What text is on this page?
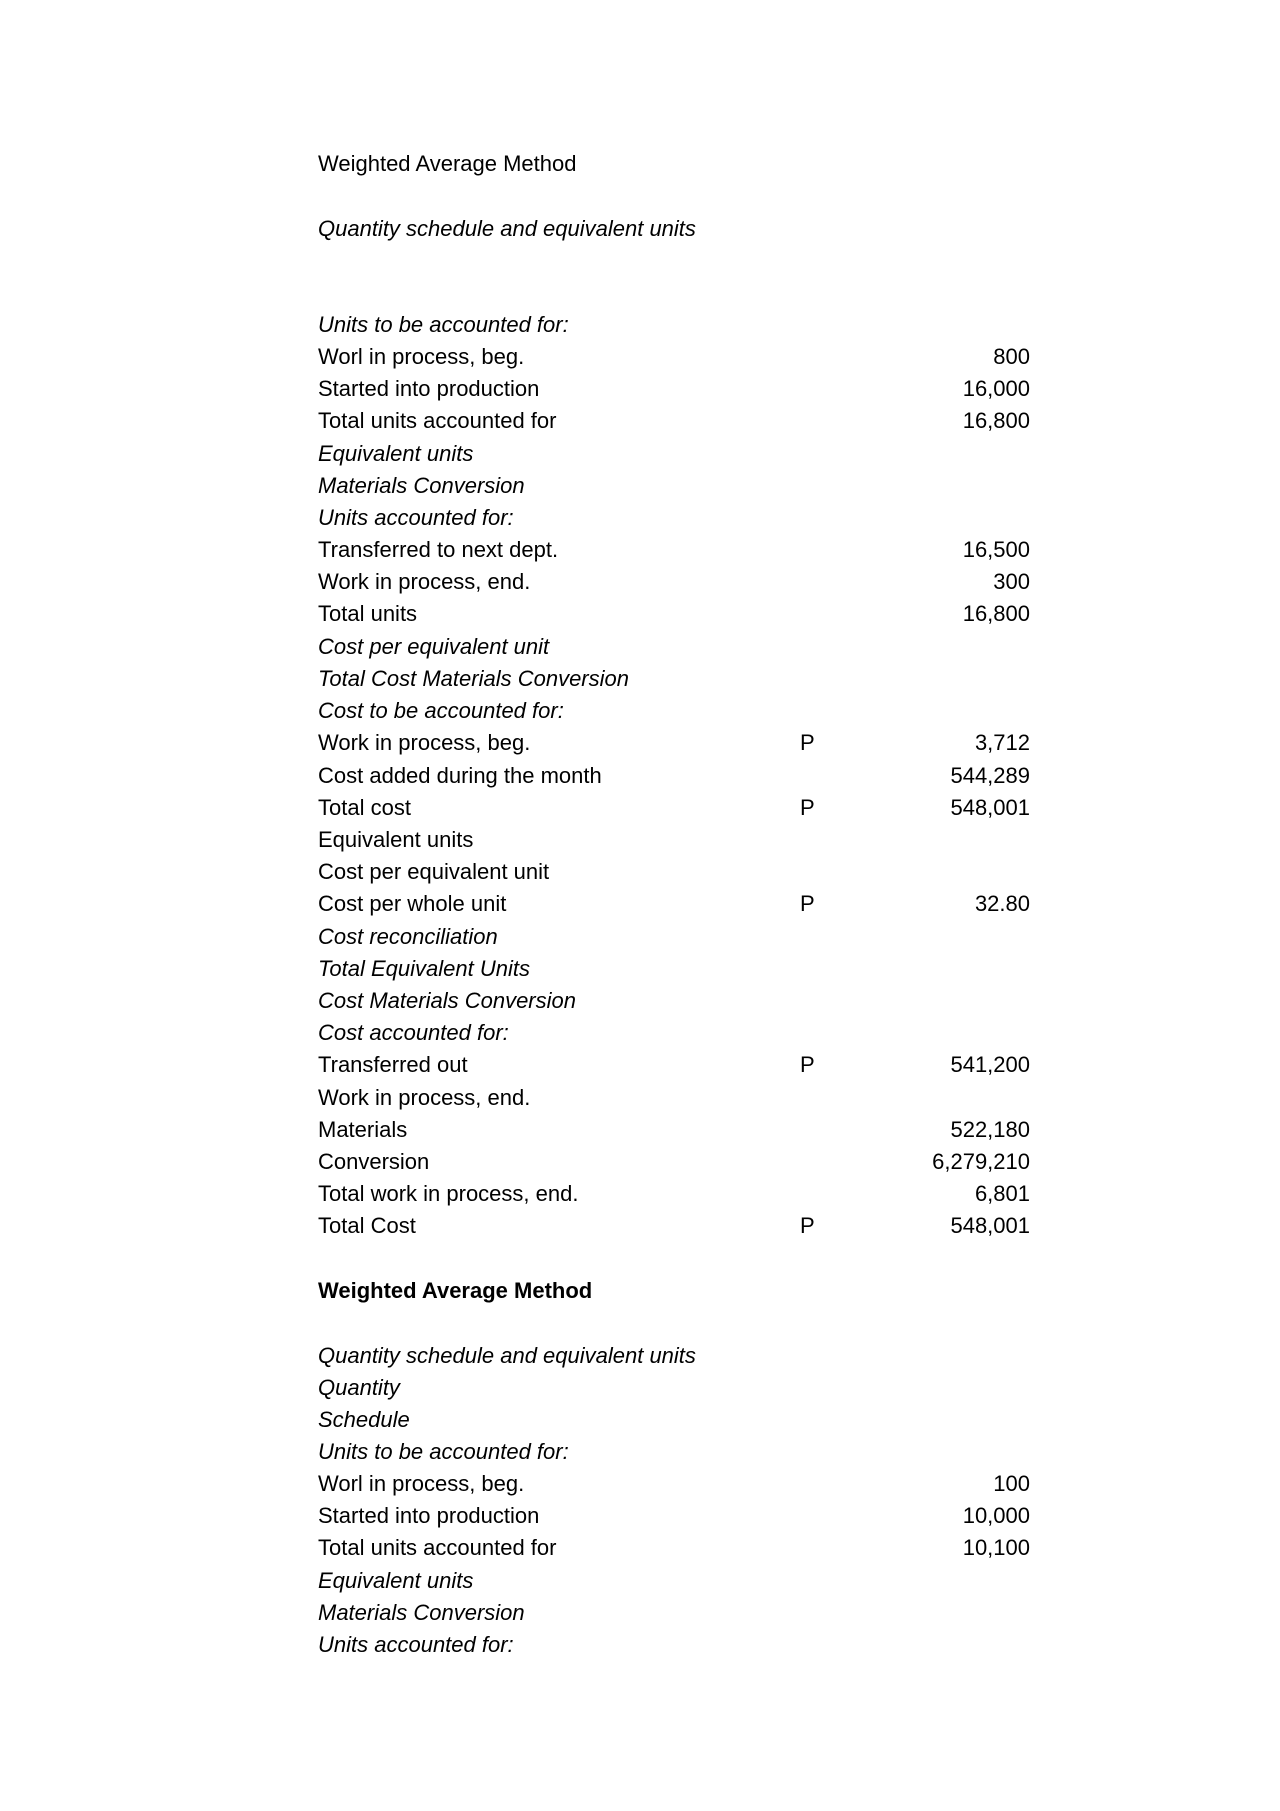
Weighted Average Method
Quantity schedule and equivalent units
Units to be accounted for:
Worl in process, beg.	800
Started into production	16,000
Total units accounted for	16,800
Equivalent units
Materials Conversion
Units accounted for:
Transferred to next dept.	16,500
Work in process, end.	300
Total units	16,800
Cost per equivalent unit
Total Cost Materials Conversion
Cost to be accounted for:
Work in process, beg.	P	3,712
Cost added during the month	544,289
Total cost	P	548,001
Equivalent units
Cost per equivalent unit
Cost per whole unit	P	32.80
Cost reconciliation
Total Equivalent Units
Cost Materials Conversion
Cost accounted for:
Transferred out	P	541,200
Work in process, end.
Materials	522,180
Conversion	6,279,210
Total work in process, end.	6,801
Total Cost	P	548,001
Weighted Average Method
Quantity schedule and equivalent units
Quantity
Schedule
Units to be accounted for:
Worl in process, beg.	100
Started into production	10,000
Total units accounted for	10,100
Equivalent units
Materials Conversion
Units accounted for:
